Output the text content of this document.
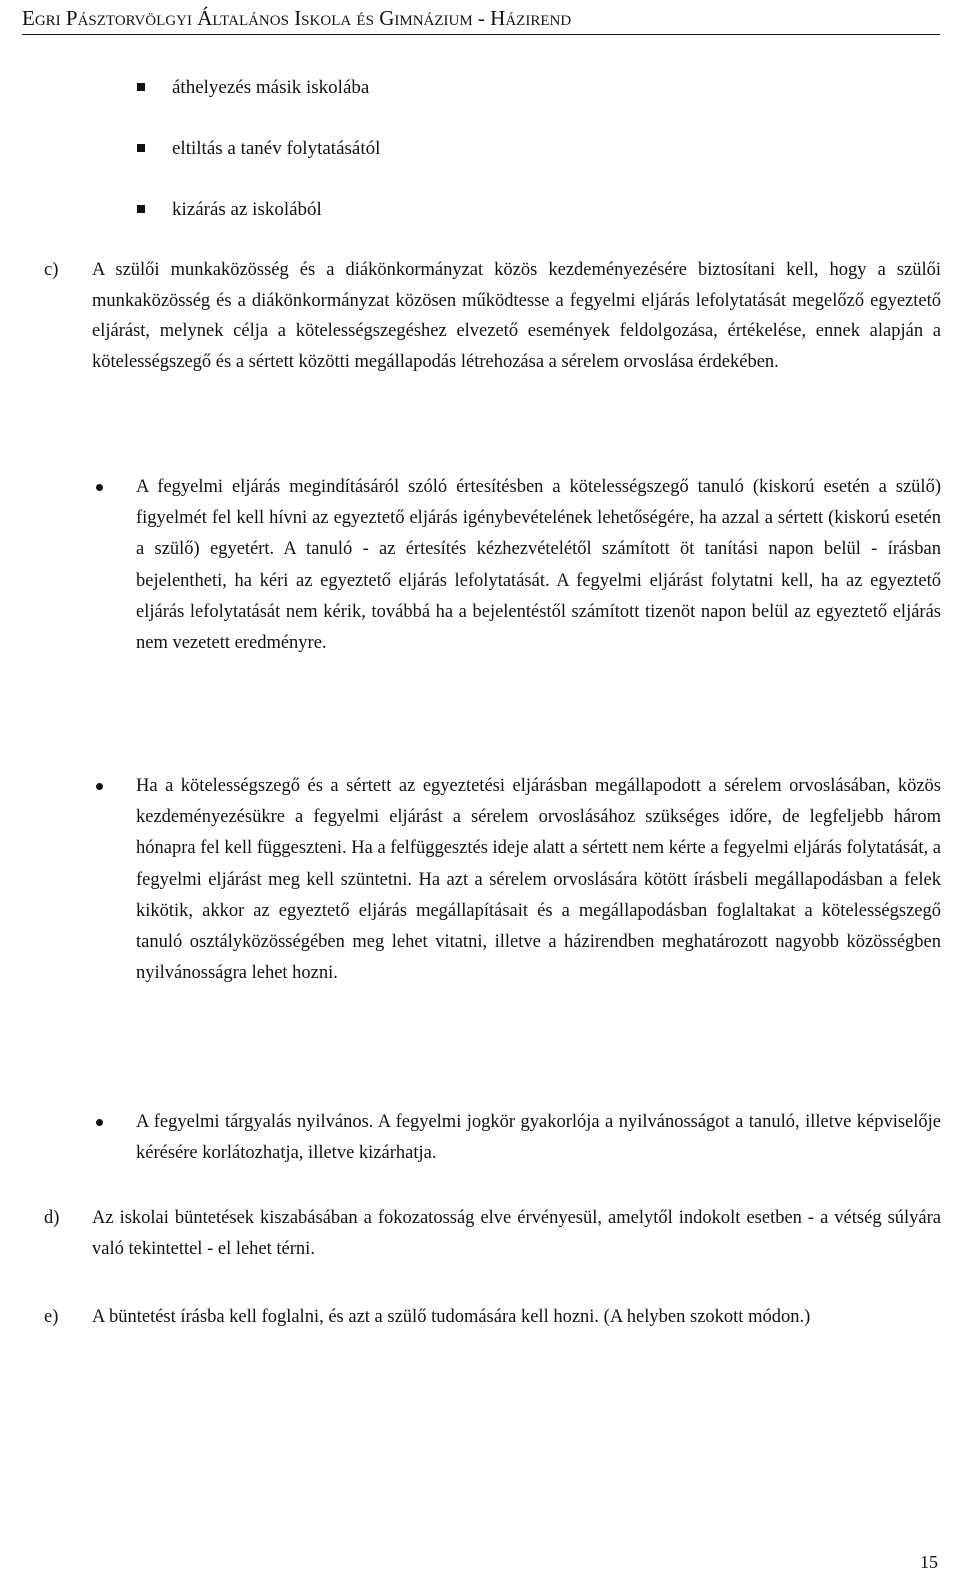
Egri Pásztorvölgyi Általános Iskola és Gimnázium - Házirend
áthelyezés másik iskolába
eltiltás a tanév folytatásától
kizárás az iskolából
c) A szülői munkaközösség és a diákönkormányzat közös kezdeményezésére biztosítani kell, hogy a szülői munkaközösség és a diákönkormányzat közösen működtesse a fegyelmi eljárás lefolytatását megelőző egyeztető eljárást, melynek célja a kötelességszegéshez elvezető események feldolgozása, értékelése, ennek alapján a kötelességszegő és a sértett közötti megállapodás létrehozása a sérelem orvoslása érdekében.
A fegyelmi eljárás megindításáról szóló értesítésben a kötelességszegő tanuló (kiskorú esetén a szülő) figyelmét fel kell hívni az egyeztető eljárás igénybevételének lehetőségére, ha azzal a sértett (kiskorú esetén a szülő) egyetért. A tanuló - az értesítés kézhezvételétől számított öt tanítási napon belül - írásban bejelentheti, ha kéri az egyeztető eljárás lefolytatását. A fegyelmi eljárást folytatni kell, ha az egyeztető eljárás lefolytatását nem kérik, továbbá ha a bejelentéstől számított tizenöt napon belül az egyeztető eljárás nem vezetett eredményre.
Ha a kötelességszegő és a sértett az egyeztetési eljárásban megállapodott a sérelem orvoslásában, közös kezdeményezésükre a fegyelmi eljárást a sérelem orvoslásához szükséges időre, de legfeljebb három hónapra fel kell függeszteni. Ha a felfüggesztés ideje alatt a sértett nem kérte a fegyelmi eljárás folytatását, a fegyelmi eljárást meg kell szüntetni. Ha azt a sérelem orvoslására kötött írásbeli megállapodásban a felek kikötik, akkor az egyeztető eljárás megállapításait és a megállapodásban foglaltakat a kötelességszegő tanuló osztályközösségében meg lehet vitatni, illetve a házirendben meghatározott nagyobb közösségben nyilvánosságra lehet hozni.
A fegyelmi tárgyalás nyilvános. A fegyelmi jogkör gyakorlója a nyilvánosságot a tanuló, illetve képviselője kérésére korlátozhatja, illetve kizárhatja.
d) Az iskolai büntetések kiszabásában a fokozatosság elve érvényesül, amelytől indokolt esetben - a vétség súlyára való tekintettel - el lehet térni.
e) A büntetést írásba kell foglalni, és azt a szülő tudomására kell hozni. (A helyben szokott módon.)
15
